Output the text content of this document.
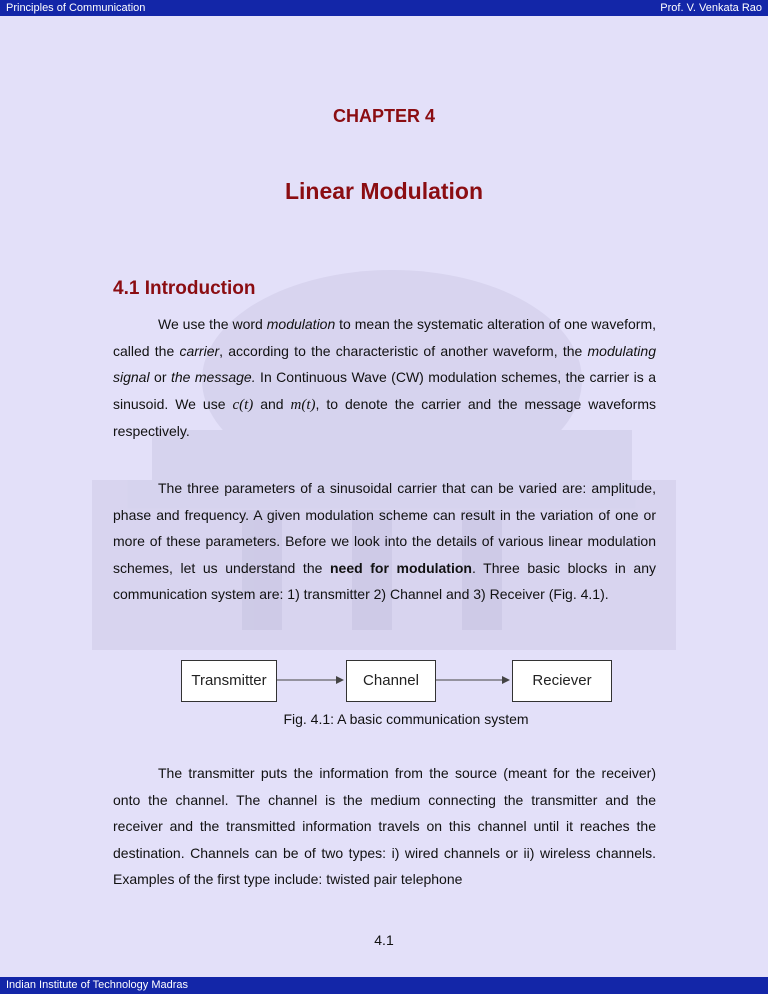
Principles of Communication	Prof. V. Venkata Rao
CHAPTER 4
Linear Modulation
4.1 Introduction

We use the word modulation to mean the systematic alteration of one waveform, called the carrier, according to the characteristic of another waveform, the modulating signal or the message. In Continuous Wave (CW) modulation schemes, the carrier is a sinusoid. We use c(t) and m(t), to denote the carrier and the message waveforms respectively.

The three parameters of a sinusoidal carrier that can be varied are: amplitude, phase and frequency. A given modulation scheme can result in the variation of one or more of these parameters. Before we look into the details of various linear modulation schemes, let us understand the need for modulation. Three basic blocks in any communication system are: 1) transmitter 2) Channel and 3) Receiver (Fig. 4.1).

Transmitter	Channel	Reciever
Fig. 4.1: A basic communication system

The transmitter puts the information from the source (meant for the receiver) onto the channel. The channel is the medium connecting the transmitter and the receiver and the transmitted information travels on this channel until it reaches the destination. Channels can be of two types: i) wired channels or ii) wireless channels. Examples of the first type include: twisted pair telephone

4.1
Indian Institute of Technology Madras
